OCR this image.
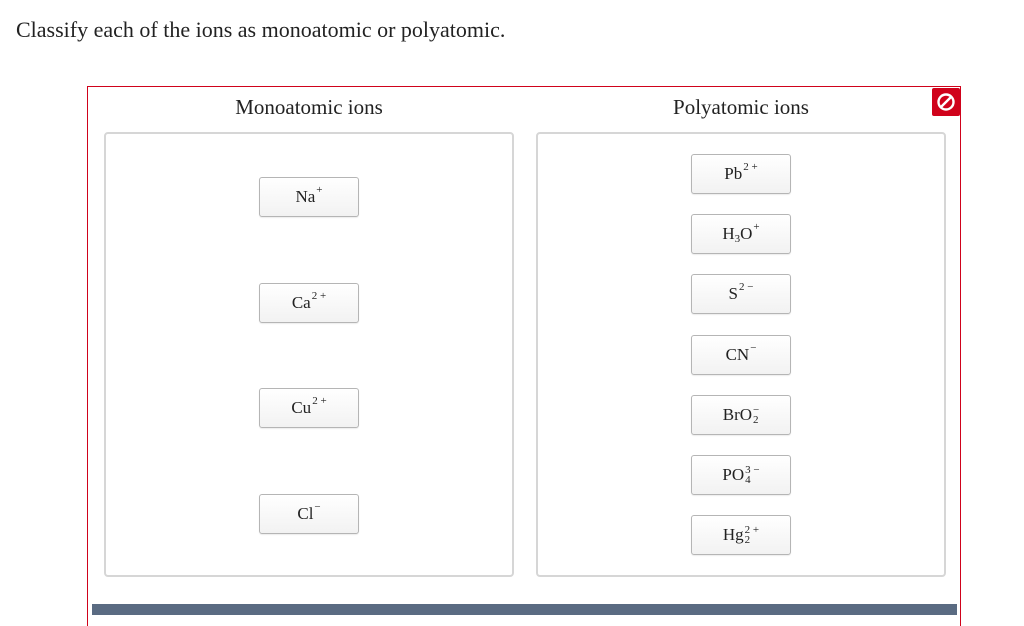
Classify each of the ions as monoatomic or polyatomic.
Monoatomic ions	Polyatomic ions
Na +
Ca 2 +
Cu 2 +
Cl −
Pb 2 +
H 3 O +
S 2 −
CN −
BrO −
2
PO 3 −
4
Hg 2 +
2
